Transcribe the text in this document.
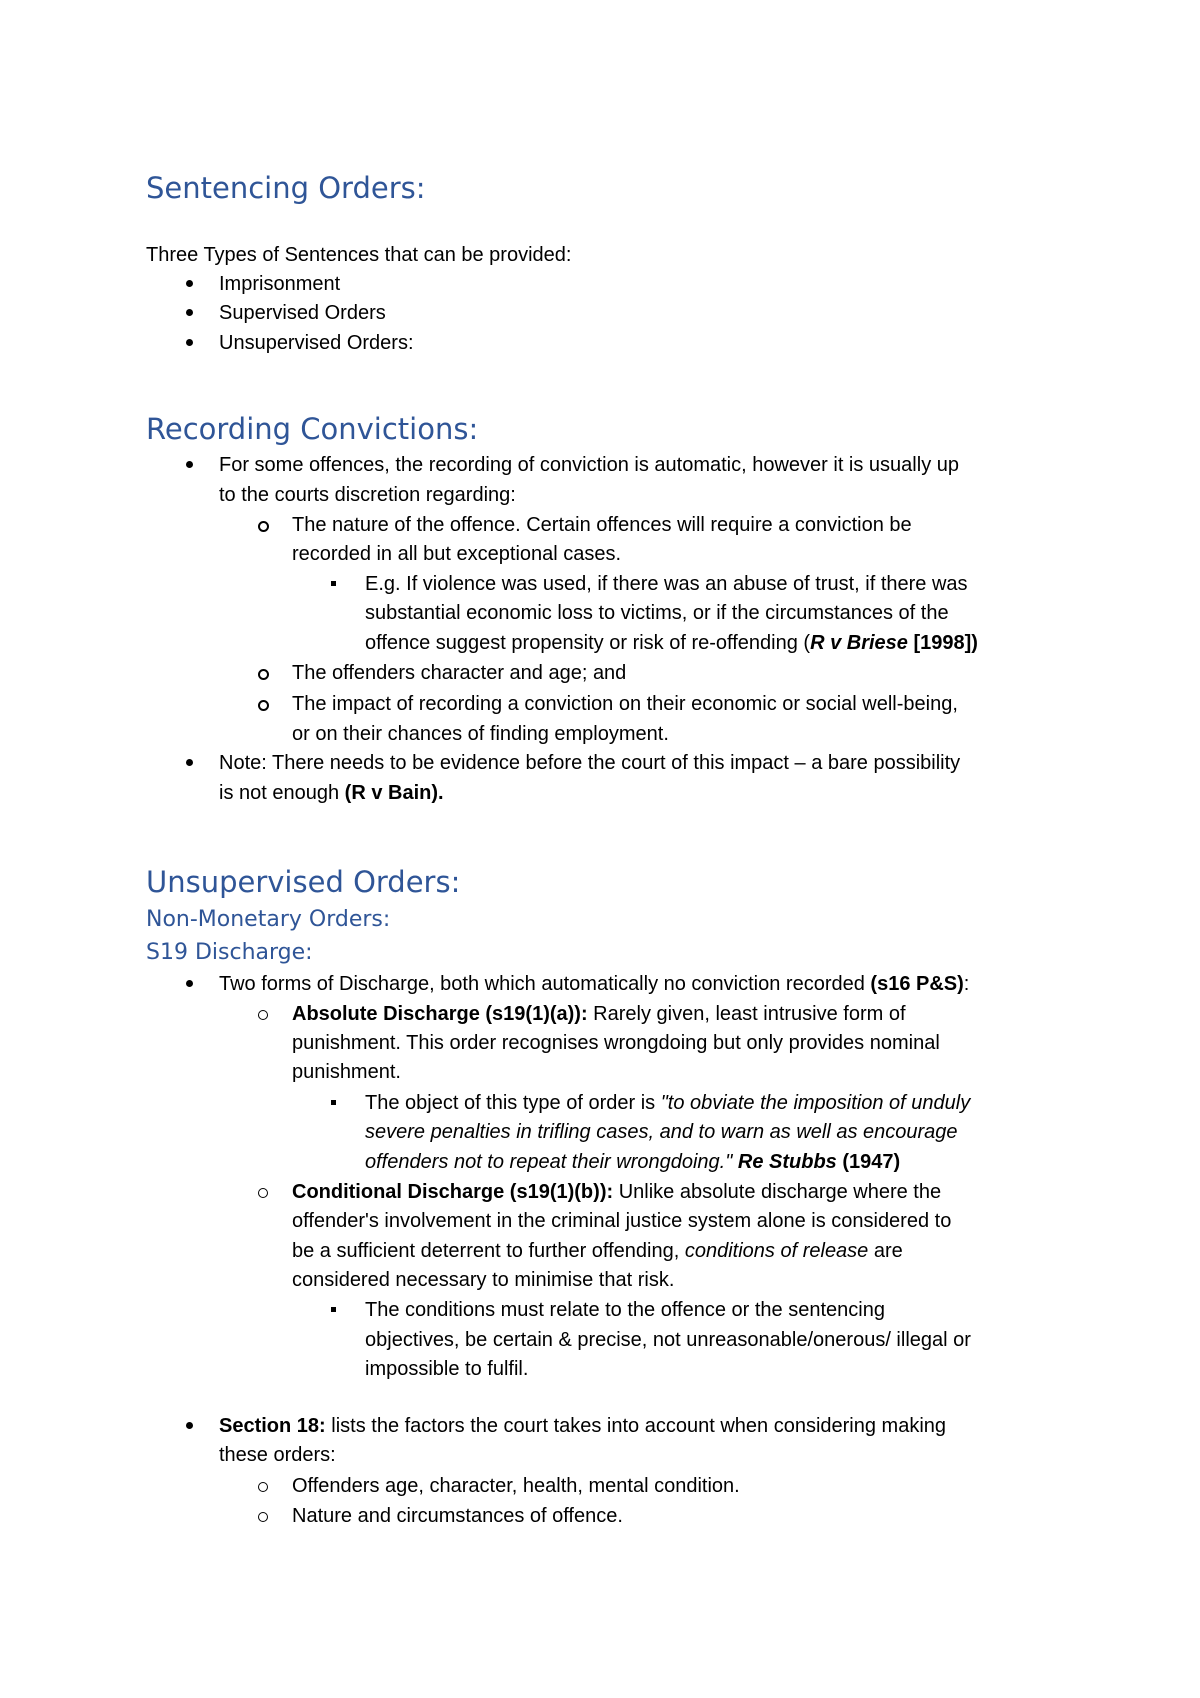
Sentencing Orders:

Three Types of Sentences that can be provided:

Imprisonment

Supervised Orders

Unsupervised Orders:

Recording Convictions:

For some offences, the recording of conviction is automatic, however it is usually up

to the courts discretion regarding:

The nature of the offence. Certain offences will require a conviction be

recorded in all but exceptional cases.

E.g. If violence was used, if there was an abuse of trust, if there was

substantial economic loss to victims, or if the circumstances of the

offence suggest propensity or risk of re-offending (R v Briese [1998])

The offenders character and age; and

The impact of recording a conviction on their economic or social well-being,

or on their chances of finding employment.

Note: There needs to be evidence before the court of this impact – a bare possibility

is not enough (R v Bain).

Unsupervised Orders:
Non-Monetary Orders:
S19 Discharge:

Two forms of Discharge, both which automatically no conviction recorded (s16 P&S):

Absolute Discharge (s19(1)(a)): Rarely given, least intrusive form of

punishment. This order recognises wrongdoing but only provides nominal

punishment.

The object of this type of order is "to obviate the imposition of unduly

severe penalties in trifling cases, and to warn as well as encourage

offenders not to repeat their wrongdoing." Re Stubbs (1947)

Conditional Discharge (s19(1)(b)): Unlike absolute discharge where the

offender's involvement in the criminal justice system alone is considered to

be a sufficient deterrent to further offending, conditions of release are

considered necessary to minimise that risk.

The conditions must relate to the offence or the sentencing

objectives, be certain & precise, not unreasonable/onerous/ illegal or

impossible to fulfil.

Section 18: lists the factors the court takes into account when considering making

these orders:

Offenders age, character, health, mental condition.

Nature and circumstances of offence.
